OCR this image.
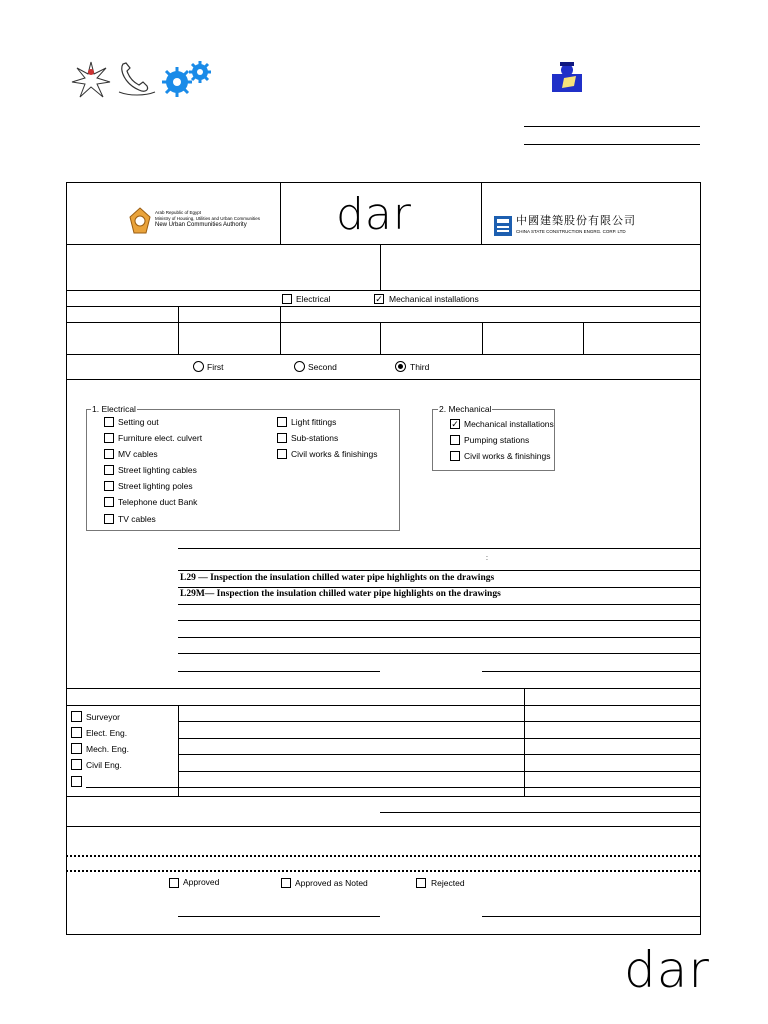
Arab Republic of Egypt
Ministry of Housing, Utilities and Urban Communities
New Urban Communities Authority dar	中國建築股份有限公司
CHINA STATE CONSTRUCTION ENGRG. CORP. LTD
Electrical	✓ Mechanical installations
First	Second	Third
1. Electrical
Setting out
Furniture elect. culvert
MV cables
Street lighting cables
Street lighting poles
Telephone duct Bank
TV cables
Light fittings
Sub-stations
Civil works & finishings
2. Mechanical
✓ Mechanical installations
Pumping stations
Civil works & finishings
:
L29 — Inspection the insulation chilled water pipe highlights on the drawings
L29M— Inspection the insulation chilled water pipe highlights on the drawings
Surveyor
Elect. Eng.
Mech. Eng.
Civil Eng.
Approved	Approved as Noted	Rejected
dar
